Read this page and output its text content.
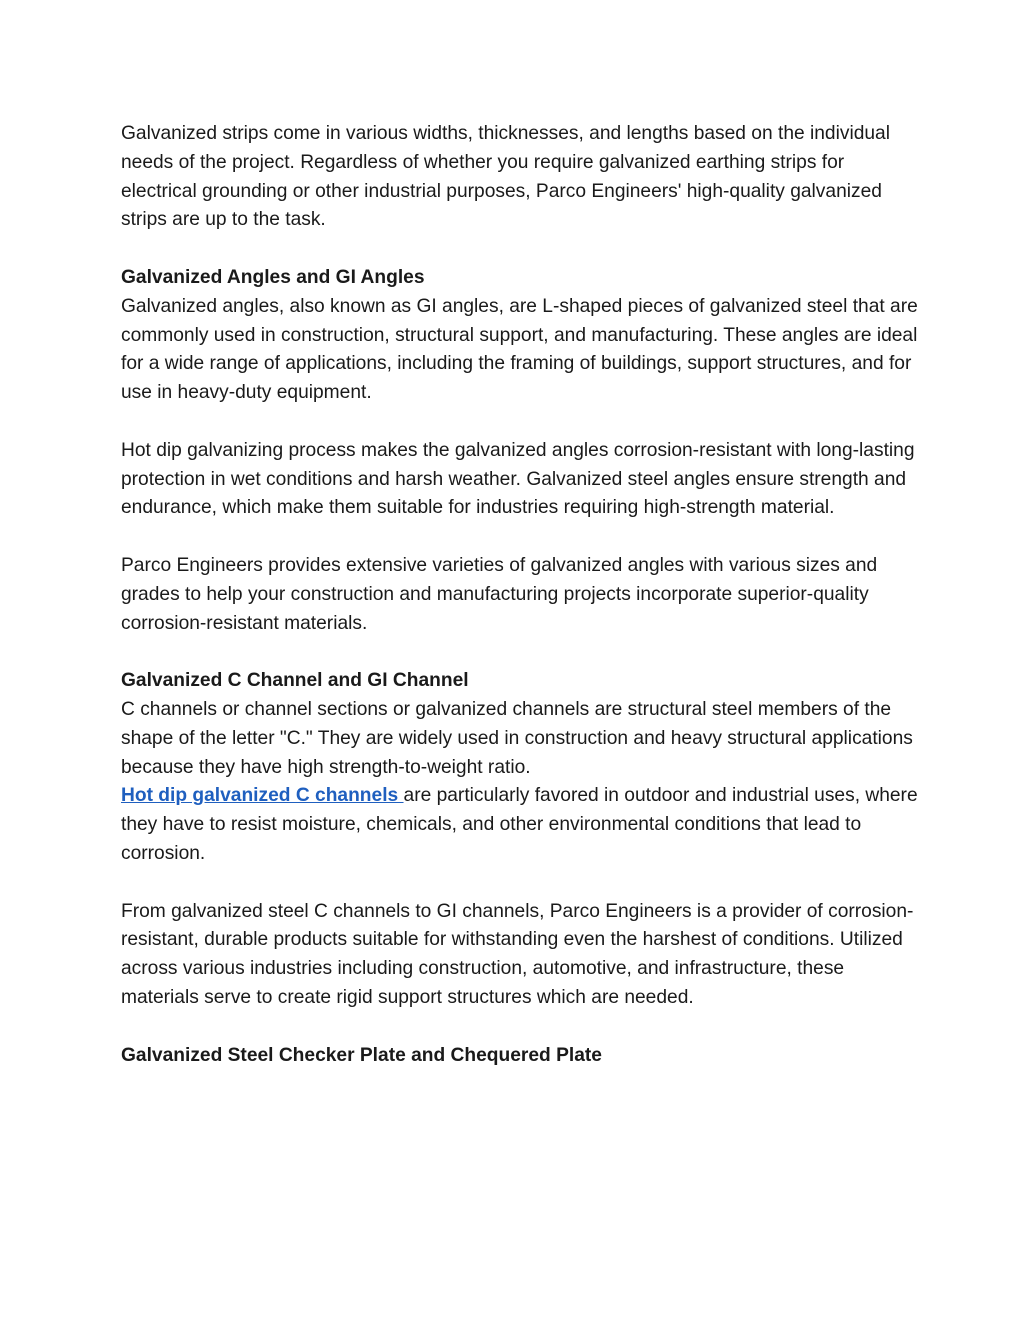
Galvanized strips come in various widths, thicknesses, and lengths based on the individual needs of the project. Regardless of whether you require galvanized earthing strips for electrical grounding or other industrial purposes, Parco Engineers' high-quality galvanized strips are up to the task.

Galvanized Angles and GI Angles
Galvanized angles, also known as GI angles, are L-shaped pieces of galvanized steel that are commonly used in construction, structural support, and manufacturing. These angles are ideal for a wide range of applications, including the framing of buildings, support structures, and for use in heavy-duty equipment.

Hot dip galvanizing process makes the galvanized angles corrosion-resistant with long-lasting protection in wet conditions and harsh weather. Galvanized steel angles ensure strength and endurance, which make them suitable for industries requiring high-strength material.

Parco Engineers provides extensive varieties of galvanized angles with various sizes and grades to help your construction and manufacturing projects incorporate superior-quality corrosion-resistant materials.

Galvanized C Channel and GI Channel
C channels or channel sections or galvanized channels are structural steel members of the shape of the letter "C." They are widely used in construction and heavy structural applications because they have high strength-to-weight ratio.
Hot dip galvanized C channels are particularly favored in outdoor and industrial uses, where they have to resist moisture, chemicals, and other environmental conditions that lead to corrosion.

From galvanized steel C channels to GI channels, Parco Engineers is a provider of corrosion-resistant, durable products suitable for withstanding even the harshest of conditions. Utilized across various industries including construction, automotive, and infrastructure, these materials serve to create rigid support structures which are needed.

Galvanized Steel Checker Plate and Chequered Plate
